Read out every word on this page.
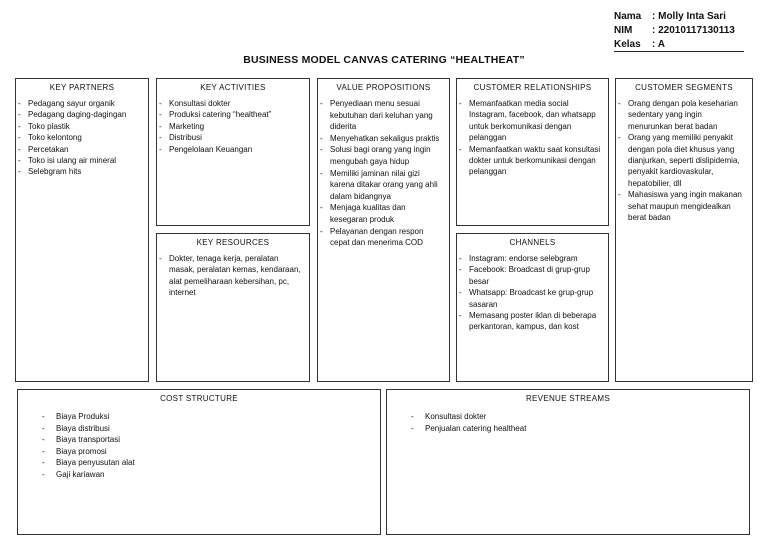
Nama	: Molly Inta Sari
NIM	: 22010117130113
Kelas	: A
BUSINESS MODEL CANVAS CATERING “HEALTHEAT”
KEY PARTNERS
- Pedagang sayur organik
- Pedagang daging-dagingan
- Toko plastik
- Toko kelontong
- Percetakan
- Toko isi ulang air mineral
- Selebgram hits
KEY ACTIVITIES
- Konsultasi dokter
- Produksi catering “healtheat”
- Marketing
- Distribusi
- Pengelolaan Keuangan
KEY RESOURCES
- Dokter, tenaga kerja, peralatan masak, peralatan kemas, kendaraan, alat pemeliharaan kebersihan, pc, internet
VALUE PROPOSITIONS
- Penyediaan menu sesuai kebutuhan dari keluhan yang diderita
- Menyehatkan sekaligus praktis
- Solusi bagi orang yang ingin mengubah gaya hidup
- Memiliki jaminan nilai gizi karena ditakar orang yang ahli dalam bidangnya
- Menjaga kualitas dan kesegaran produk
- Pelayanan dengan respon cepat dan menerima COD
CUSTOMER RELATIONSHIPS
- Memanfaatkan media social Instagram, facebook, dan whatsapp untuk berkomunikasi dengan pelanggan
- Memanfaatkan waktu saat konsultasi dokter untuk berkomunikasi dengan pelanggan
CHANNELS
- Instagram: endorse selebgram
- Facebook: Broadcast di grup-grup besar
- Whatsapp: Broadcast ke grup-grup sasaran
- Memasang poster iklan di beberapa perkantoran, kampus, dan kost
CUSTOMER SEGMENTS
- Orang dengan pola keseharian sedentary yang ingin menurunkan berat badan
- Orang yang memiliki penyakit dengan pola diet khusus yang dianjurkan, seperti dislipidemia, penyakit kardiovaskular, hepatobilier, dll
- Mahasiswa yang ingin makanan sehat maupun mengidealkan berat badan
COST STRUCTURE
- Biaya Produksi
- Biaya distribusi
- Biaya transportasi
- Biaya promosi
- Biaya penyusutan alat
- Gaji kariawan
REVENUE STREAMS
- Konsultasi dokter
- Penjualan catering healtheat
